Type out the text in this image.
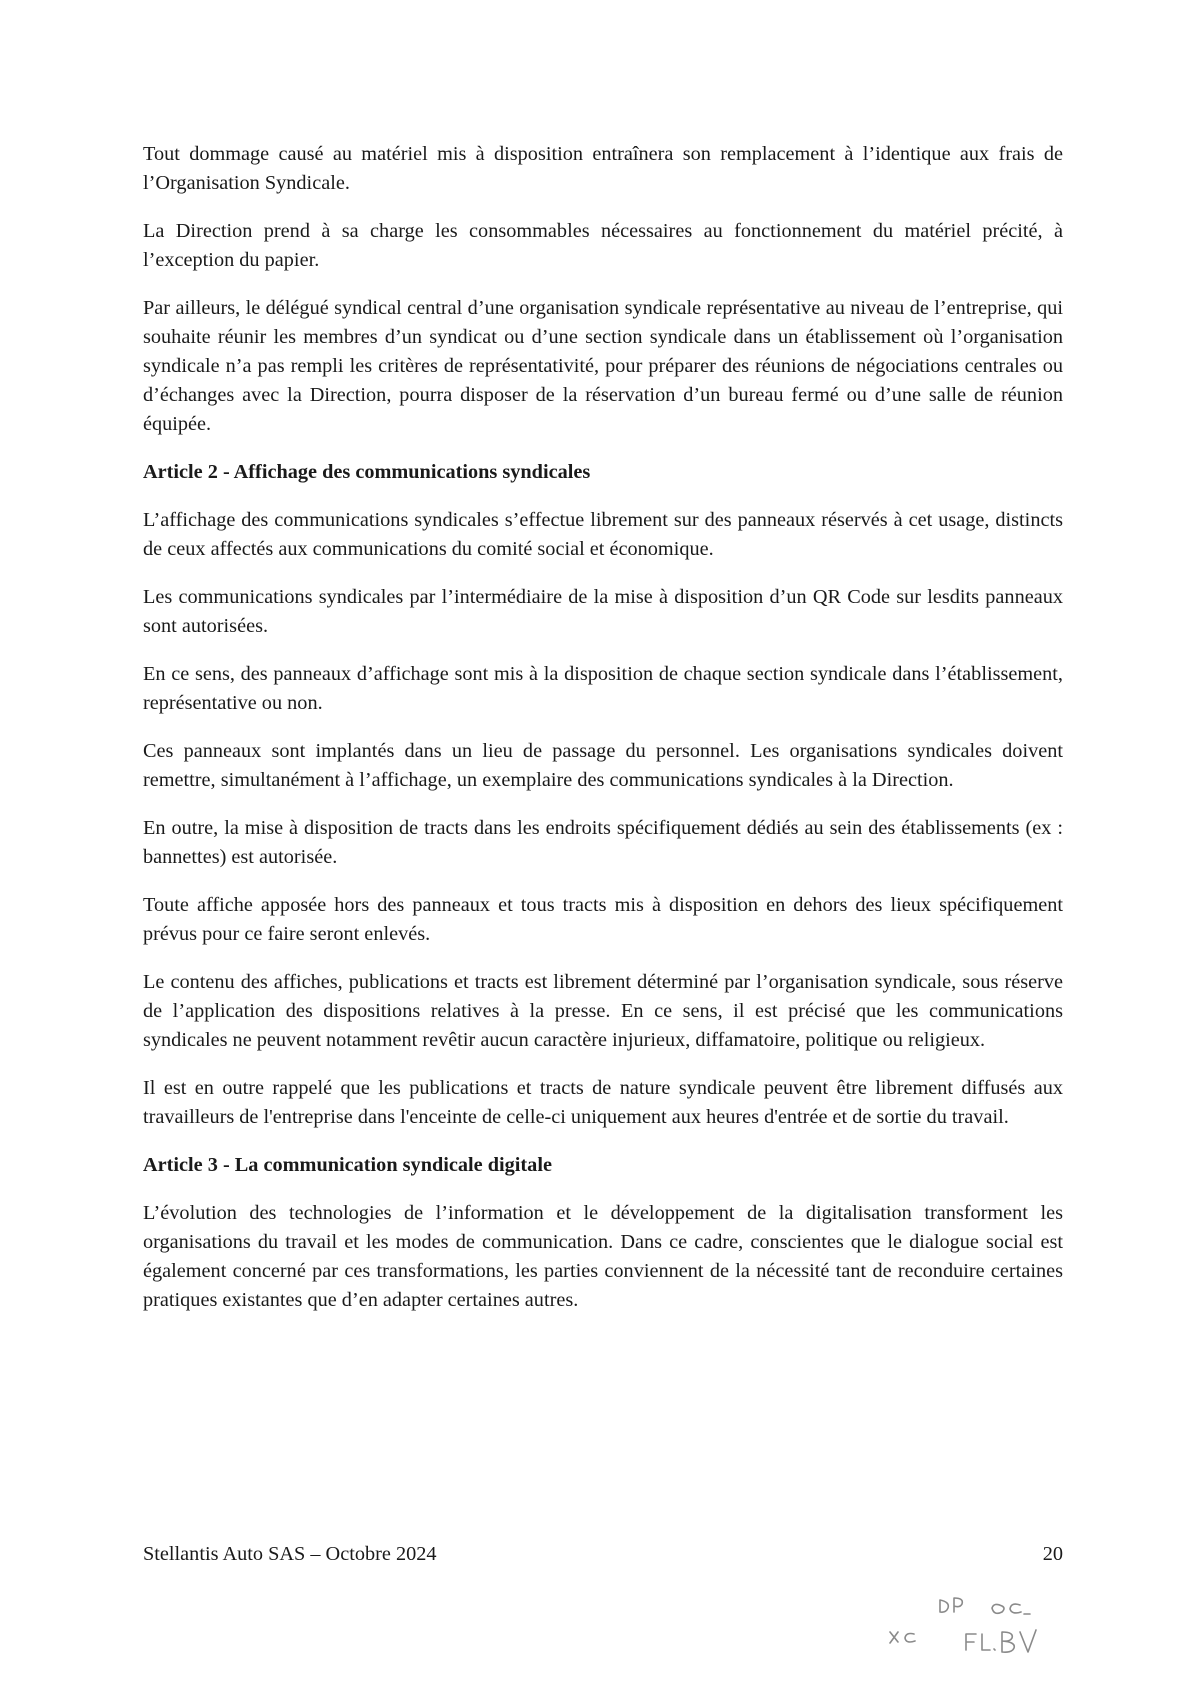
Tout dommage causé au matériel mis à disposition entraînera son remplacement à l’identique aux frais de l’Organisation Syndicale.

La Direction prend à sa charge les consommables nécessaires au fonctionnement du matériel précité, à l’exception du papier.

Par ailleurs, le délégué syndical central d’une organisation syndicale représentative au niveau de l’entreprise, qui souhaite réunir les membres d’un syndicat ou d’une section syndicale dans un établissement où l’organisation syndicale n’a pas rempli les critères de représentativité, pour préparer des réunions de négociations centrales ou d’échanges avec la Direction, pourra disposer de la réservation d’un bureau fermé ou d’une salle de réunion équipée.

Article 2 - Affichage des communications syndicales

L’affichage des communications syndicales s’effectue librement sur des panneaux réservés à cet usage, distincts de ceux affectés aux communications du comité social et économique.

Les communications syndicales par l’intermédiaire de la mise à disposition d’un QR Code sur lesdits panneaux sont autorisées.

En ce sens, des panneaux d’affichage sont mis à la disposition de chaque section syndicale dans l’établissement, représentative ou non.

Ces panneaux sont implantés dans un lieu de passage du personnel. Les organisations syndicales doivent remettre, simultanément à l’affichage, un exemplaire des communications syndicales à la Direction.

En outre, la mise à disposition de tracts dans les endroits spécifiquement dédiés au sein des établissements (ex : bannettes) est autorisée.

Toute affiche apposée hors des panneaux et tous tracts mis à disposition en dehors des lieux spécifiquement prévus pour ce faire seront enlevés.

Le contenu des affiches, publications et tracts est librement déterminé par l’organisation syndicale, sous réserve de l’application des dispositions relatives à la presse. En ce sens, il est précisé que les communications syndicales ne peuvent notamment revêtir aucun caractère injurieux, diffamatoire, politique ou religieux.

Il est en outre rappelé que les publications et tracts de nature syndicale peuvent être librement diffusés aux travailleurs de l'entreprise dans l'enceinte de celle-ci uniquement aux heures d'entrée et de sortie du travail.

Article 3 - La communication syndicale digitale

L’évolution des technologies de l’information et le développement de la digitalisation transforment les organisations du travail et les modes de communication. Dans ce cadre, conscientes que le dialogue social est également concerné par ces transformations, les parties conviennent de la nécessité tant de reconduire certaines pratiques existantes que d’en adapter certaines autres.

Stellantis Auto SAS – Octobre 2024	20
